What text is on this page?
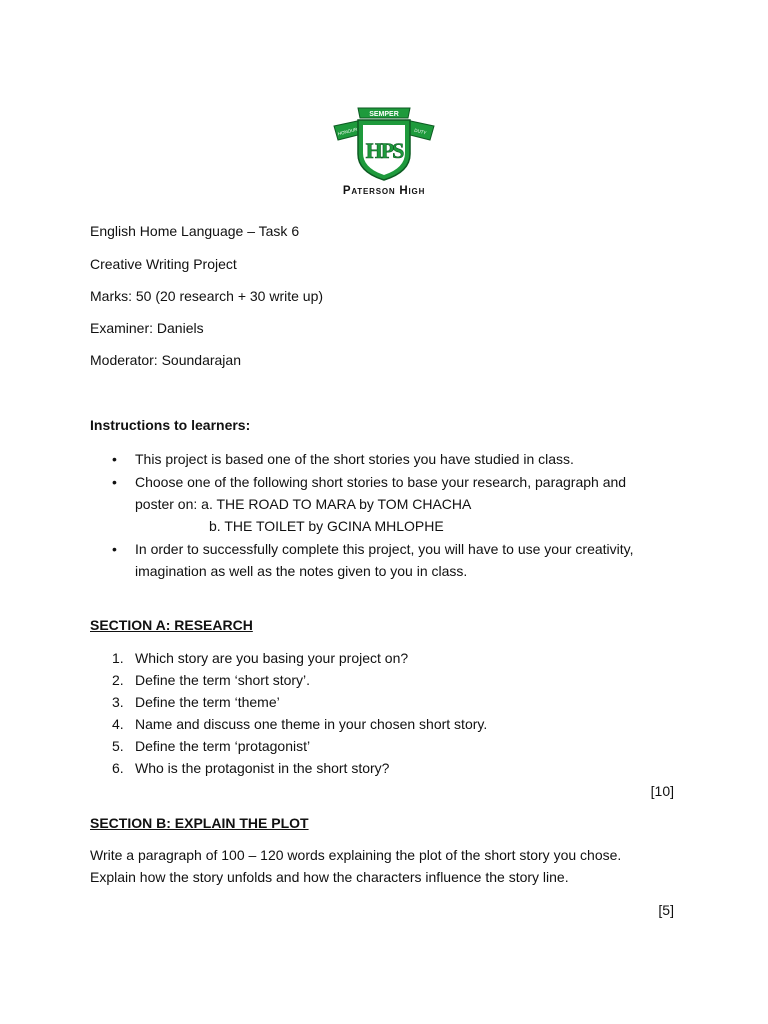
SEMPER
HONOUR	DUTY
HPS
Paterson High
English Home Language – Task 6
Creative Writing Project
Marks: 50 (20 research + 30 write up)
Examiner: Daniels
Moderator: Soundarajan
Instructions to learners:
• This project is based one of the short stories you have studied in class.
• Choose one of the following short stories to base your research, paragraph and
poster on: a. THE ROAD TO MARA by TOM CHACHA
b. THE TOILET by GCINA MHLOPHE
• In order to successfully complete this project, you will have to use your creativity,
imagination as well as the notes given to you in class.
SECTION A: RESEARCH
1. Which story are you basing your project on?
2. Define the term ‘short story’.
3. Define the term ‘theme’
4. Name and discuss one theme in your chosen short story.
5. Define the term ‘protagonist’
6. Who is the protagonist in the short story?
[10]
SECTION B: EXPLAIN THE PLOT
Write a paragraph of 100 – 120 words explaining the plot of the short story you chose.
Explain how the story unfolds and how the characters influence the story line.
[5]
